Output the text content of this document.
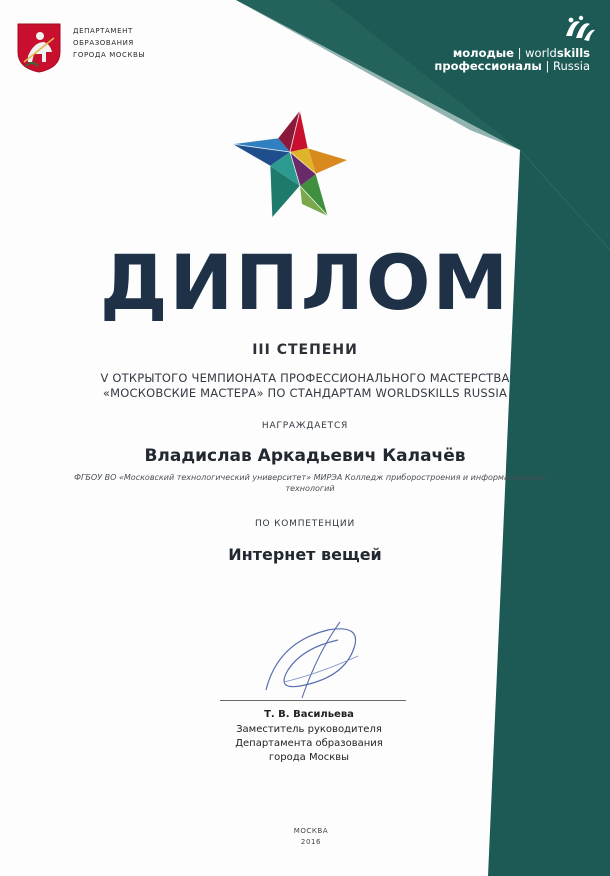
ДЕПАРТАМЕНТ
ОБРАЗОВАНИЯ
ГОРОДА МОСКВЫ	молодые | worldskills
профессионалы | Russia
ДИПЛОМ
III СТЕПЕНИ
V ОТКРЫТОГО ЧЕМПИОНАТА ПРОФЕССИОНАЛЬНОГО МАСТЕРСТВА
«МОСКОВСКИЕ МАСТЕРА» ПО СТАНДАРТАМ WORLDSKILLS RUSSIA
НАГРАЖДАЕТСЯ
Владислав Аркадьевич Калачёв
ФГБОУ ВО «Московский технологический университет» МИРЭА Колледж приборостроения и информационных
технологий
ПО КОМПЕТЕНЦИИ
Интернет вещей
Т. В. Васильева
Заместитель руководителя
Департамента образования
города Москвы
МОСКВА
2016
